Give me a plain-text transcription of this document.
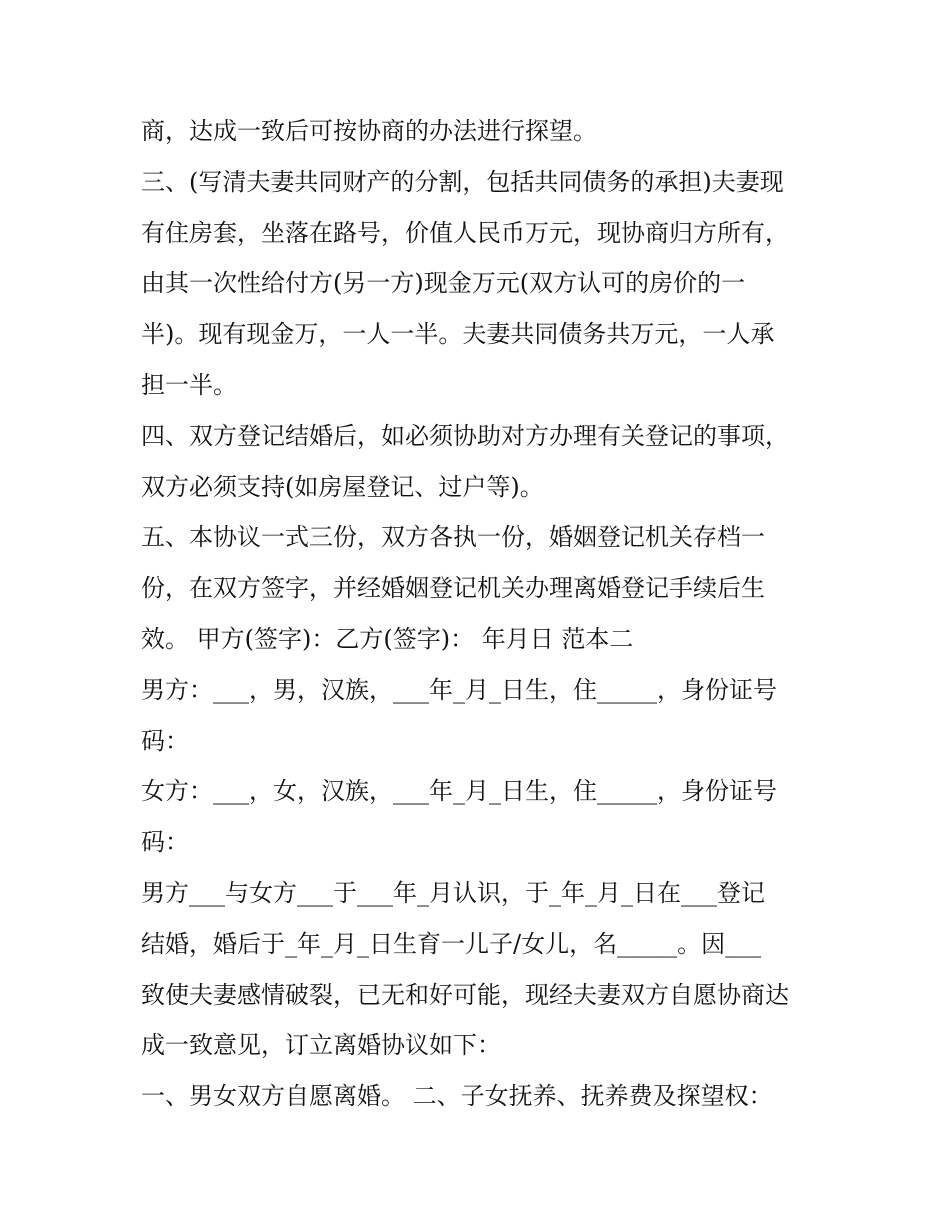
商，达成一致后可按协商的办法进行探望。
三、(写清夫妻共同财产的分割，包括共同债务的承担)夫妻现
有住房套，坐落在路号，价值人民币万元，现协商归方所有，
由其一次性给付方(另一方)现金万元(双方认可的房价的一
半)。现有现金万，一人一半。夫妻共同债务共万元，一人承
担一半。
四、双方登记结婚后，如必须协助对方办理有关登记的事项，
双方必须支持(如房屋登记、过户等)。
五、本协议一式三份，双方各执一份，婚姻登记机关存档一
份，在双方签字，并经婚姻登记机关办理离婚登记手续后生
效。 甲方(签字)：乙方(签字)： 年月日 范本二
男方：___，男，汉族，___年_月_日生，住_____，身份证号
码：
女方：___，女，汉族，___年_月_日生，住_____，身份证号
码：
男方___与女方___于___年_月认识，于_年_月_日在___登记
结婚，婚后于_年_月_日生育一儿子/女儿，名_____。因___
致使夫妻感情破裂，已无和好可能，现经夫妻双方自愿协商达
成一致意见，订立离婚协议如下：
一、男女双方自愿离婚。 二、子女抚养、抚养费及探望权：
